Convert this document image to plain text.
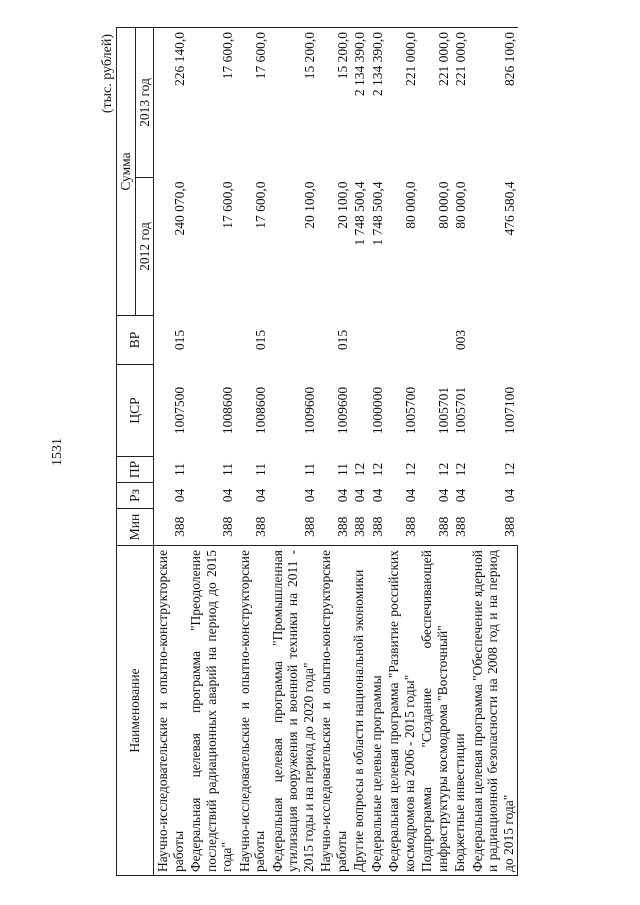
1531
(тыс. рублей)
Наименование	Мин	Рз	ПР	ЦСР	ВР	Сумма	
						2012 год	2013 год
Научно-исследовательские и опытно-конструкторские работы	388	04	11	1007500	015	240 070,0	226 140,0
Федеральная целевая программа "Преодоление последствий радиационных аварий на период до 2015 года"	388	04	11	1008600		17 600,0	17 600,0
Научно-исследовательские и опытно-конструкторские работы	388	04	11	1008600	015	17 600,0	17 600,0
Федеральная целевая программа "Промышленная утилизация вооружения и военной техники на 2011 - 2015 годы и на период до 2020 года"	388	04	11	1009600		20 100,0	15 200,0
Научно-исследовательские и опытно-конструкторские работы	388	04	11	1009600	015	20 100,0	15 200,0
Другие вопросы в области национальной экономики	388	04	12			1 748 500,4	2 134 390,0
Федеральные целевые программы	388	04	12	1000000		1 748 500,4	2 134 390,0
Федеральная целевая программа "Развитие российских космодромов на 2006 - 2015 годы"	388	04	12	1005700		80 000,0	221 000,0
Подпрограмма "Создание обеспечивающей инфраструктуры космодрома "Восточный"	388	04	12	1005701		80 000,0	221 000,0
Бюджетные инвестиции	388	04	12	1005701	003	80 000,0	221 000,0
Федеральная целевая программа "Обеспечение ядерной и радиационной безопасности на 2008 год и на период до 2015 года"	388	04	12	1007100		476 580,4	826 100,0
